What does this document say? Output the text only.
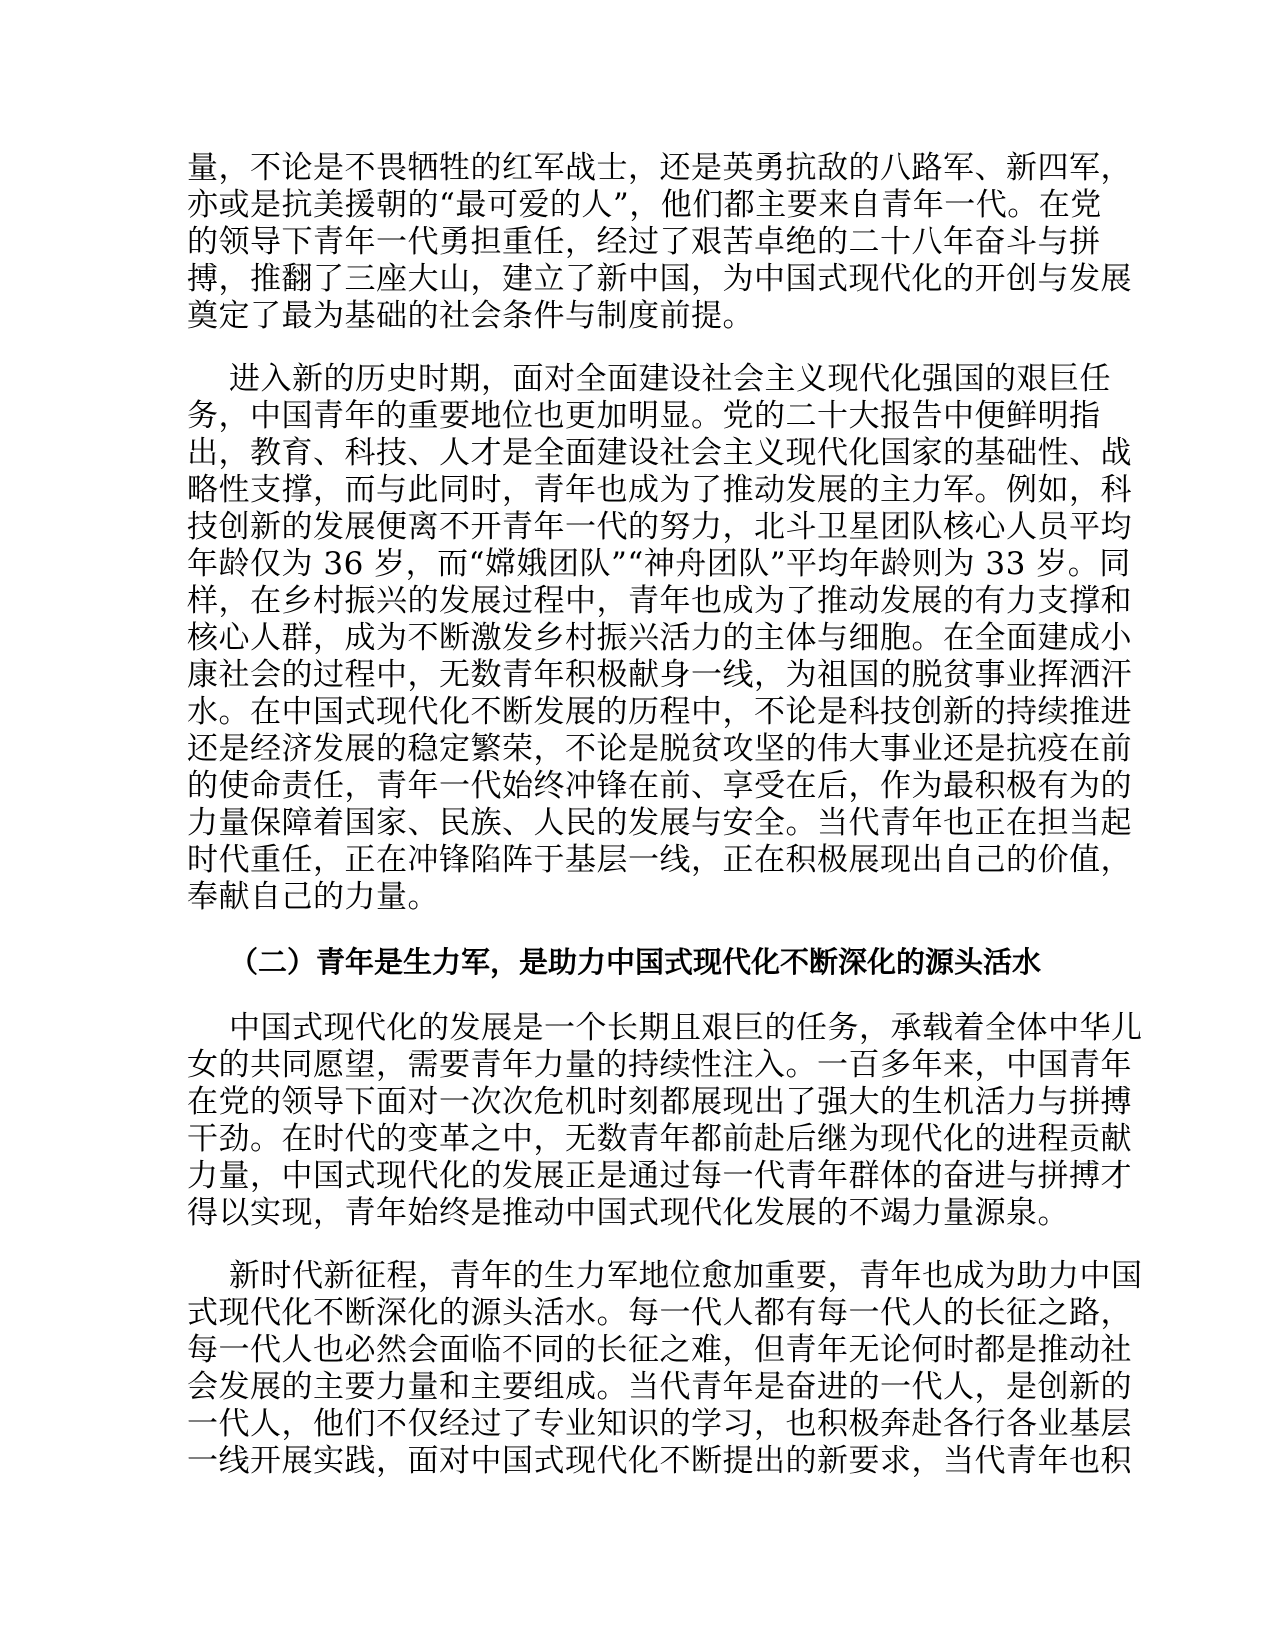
量，不论是不畏牺牲的红军战士，还是英勇抗敌的八路军、新四军，
亦或是抗美援朝的“最可爱的人”，他们都主要来自青年一代。在党
的领导下青年一代勇担重任，经过了艰苦卓绝的二十八年奋斗与拼
搏，推翻了三座大山，建立了新中国，为中国式现代化的开创与发展
奠定了最为基础的社会条件与制度前提。
进入新的历史时期，面对全面建设社会主义现代化强国的艰巨任
务，中国青年的重要地位也更加明显。党的二十大报告中便鲜明指
出，教育、科技、人才是全面建设社会主义现代化国家的基础性、战
略性支撑，而与此同时，青年也成为了推动发展的主力军。例如，科
技创新的发展便离不开青年一代的努力，北斗卫星团队核心人员平均
年龄仅为 36 岁，而“嫦娥团队”“神舟团队”平均年龄则为 33 岁。同
样，在乡村振兴的发展过程中，青年也成为了推动发展的有力支撑和
核心人群，成为不断激发乡村振兴活力的主体与细胞。在全面建成小
康社会的过程中，无数青年积极献身一线，为祖国的脱贫事业挥洒汗
水。在中国式现代化不断发展的历程中，不论是科技创新的持续推进
还是经济发展的稳定繁荣，不论是脱贫攻坚的伟大事业还是抗疫在前
的使命责任，青年一代始终冲锋在前、享受在后，作为最积极有为的
力量保障着国家、民族、人民的发展与安全。当代青年也正在担当起
时代重任，正在冲锋陷阵于基层一线，正在积极展现出自己的价值，
奉献自己的力量。
（二）青年是生力军，是助力中国式现代化不断深化的源头活水
中国式现代化的发展是一个长期且艰巨的任务，承载着全体中华儿
女的共同愿望，需要青年力量的持续性注入。一百多年来，中国青年
在党的领导下面对一次次危机时刻都展现出了强大的生机活力与拼搏
干劲。在时代的变革之中，无数青年都前赴后继为现代化的进程贡献
力量，中国式现代化的发展正是通过每一代青年群体的奋进与拼搏才
得以实现，青年始终是推动中国式现代化发展的不竭力量源泉。
新时代新征程，青年的生力军地位愈加重要，青年也成为助力中国
式现代化不断深化的源头活水。每一代人都有每一代人的长征之路，
每一代人也必然会面临不同的长征之难，但青年无论何时都是推动社
会发展的主要力量和主要组成。当代青年是奋进的一代人，是创新的
一代人，他们不仅经过了专业知识的学习，也积极奔赴各行各业基层
一线开展实践，面对中国式现代化不断提出的新要求，当代青年也积
